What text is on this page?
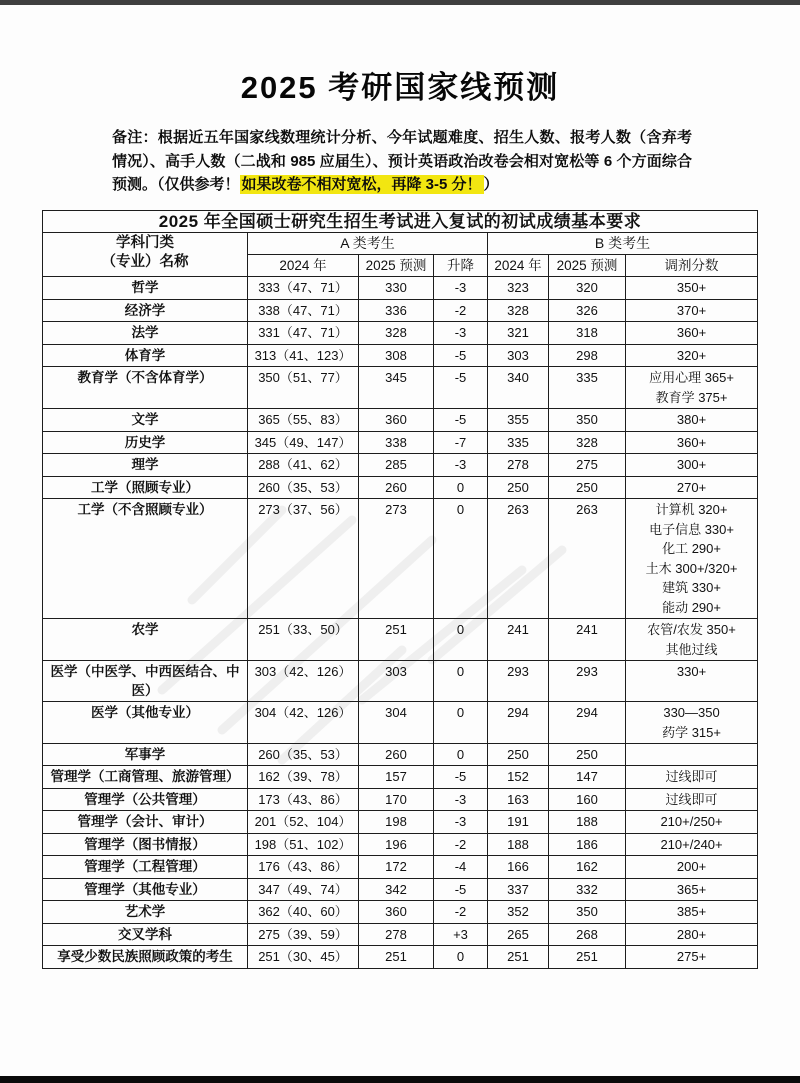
2025 考研国家线预测

备注：根据近五年国家线数理统计分析、今年试题难度、招生人数、报考人数（含弃考情况）、高手人数（二战和 985 应届生）、预计英语政治改卷会相对宽松等 6 个方面综合预测。（仅供参考！ 如果改卷不相对宽松，再降 3-5 分！ ）

2025 年全国硕士研究生招生考试进入复试的初试成绩基本要求						

学科门类
（专业）名称	A 类考生			B 类考生		
	2024 年	2025 预测	升降	2024 年	2025 预测	调剂分数
哲学	333（47、71）	330	-3	323	320	350+

经济学	338（47、71）	336	-2	328	326	370+

法学	331（47、71）	328	-3	321	318	360+

体育学	313（41、123）	308	-5	303	298	320+

教育学（不含体育学）	350（51、77）	345	-5	340	335	应用心理 365+
教育学 375+

文学	365（55、83）	360	-5	355	350	380+

历史学	345（49、147）	338	-7	335	328	360+

理学	288（41、62）	285	-3	278	275	300+

工学（照顾专业）	260（35、53）	260	0	250	250	270+

工学（不含照顾专业）	273（37、56）	273	0	263	263	计算机 320+
电子信息 330+
化工 290+
土木 300+/320+
建筑 330+
能动 290+

农学	251（33、50）	251	0	241	241	农管/农发 350+
其他过线

医学（中医学、中西医结合、中医）	303（42、126）	303	0	293	293	330+

医学（其他专业）	304（42、126）	304	0	294	294	330—350
药学 315+

军事学	260（35、53）	260	0	250	250	
管理学（工商管理、旅游管理）	162（39、78）	157	-5	152	147	过线即可

管理学（公共管理）	173（43、86）	170	-3	163	160	过线即可

管理学（会计、审计）	201（52、104）	198	-3	191	188	210+/250+

管理学（图书情报）	198（51、102）	196	-2	188	186	210+/240+

管理学（工程管理）	176（43、86）	172	-4	166	162	200+

管理学（其他专业）	347（49、74）	342	-5	337	332	365+

艺术学	362（40、60）	360	-2	352	350	385+

交叉学科	275（39、59）	278	+3	265	268	280+

享受少数民族照顾政策的考生	251（30、45）	251	0	251	251	275+
